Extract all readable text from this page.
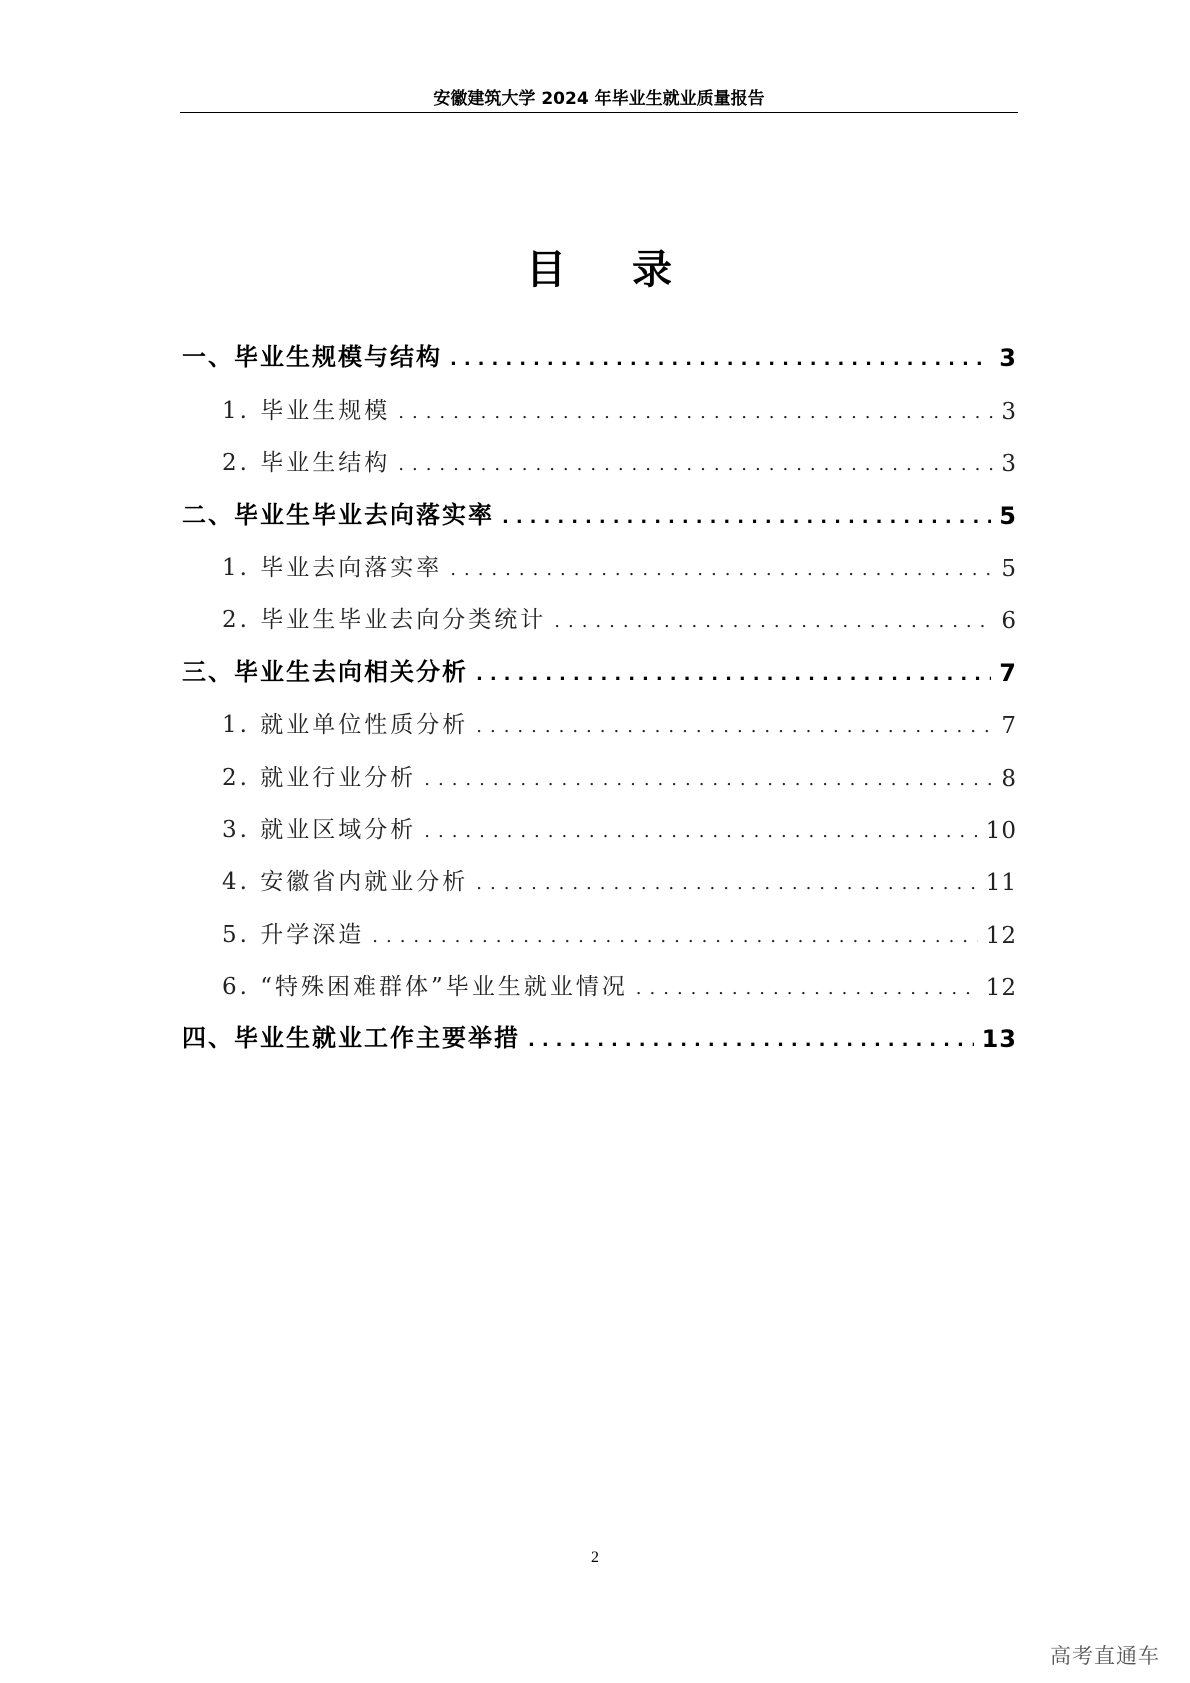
安徽建筑大学 2024 年毕业生就业质量报告
目 录
一、毕业生规模与结构 .....	3
1. 毕业生规模 .....	3
2. 毕业生结构 .....	3
二、毕业生毕业去向落实率 .....	5
1. 毕业去向落实率 .....	5
2. 毕业生毕业去向分类统计 .....	6
三、毕业生去向相关分析 .....	7
1. 就业单位性质分析 .....	7
2. 就业行业分析 .....	8
3. 就业区域分析 .....	10
4. 安徽省内就业分析 .....	11
5. 升学深造 .....	12
6. “特殊困难群体”毕业生就业情况 .....	12
四、毕业生就业工作主要举措 .....	13
2
高考直通车
